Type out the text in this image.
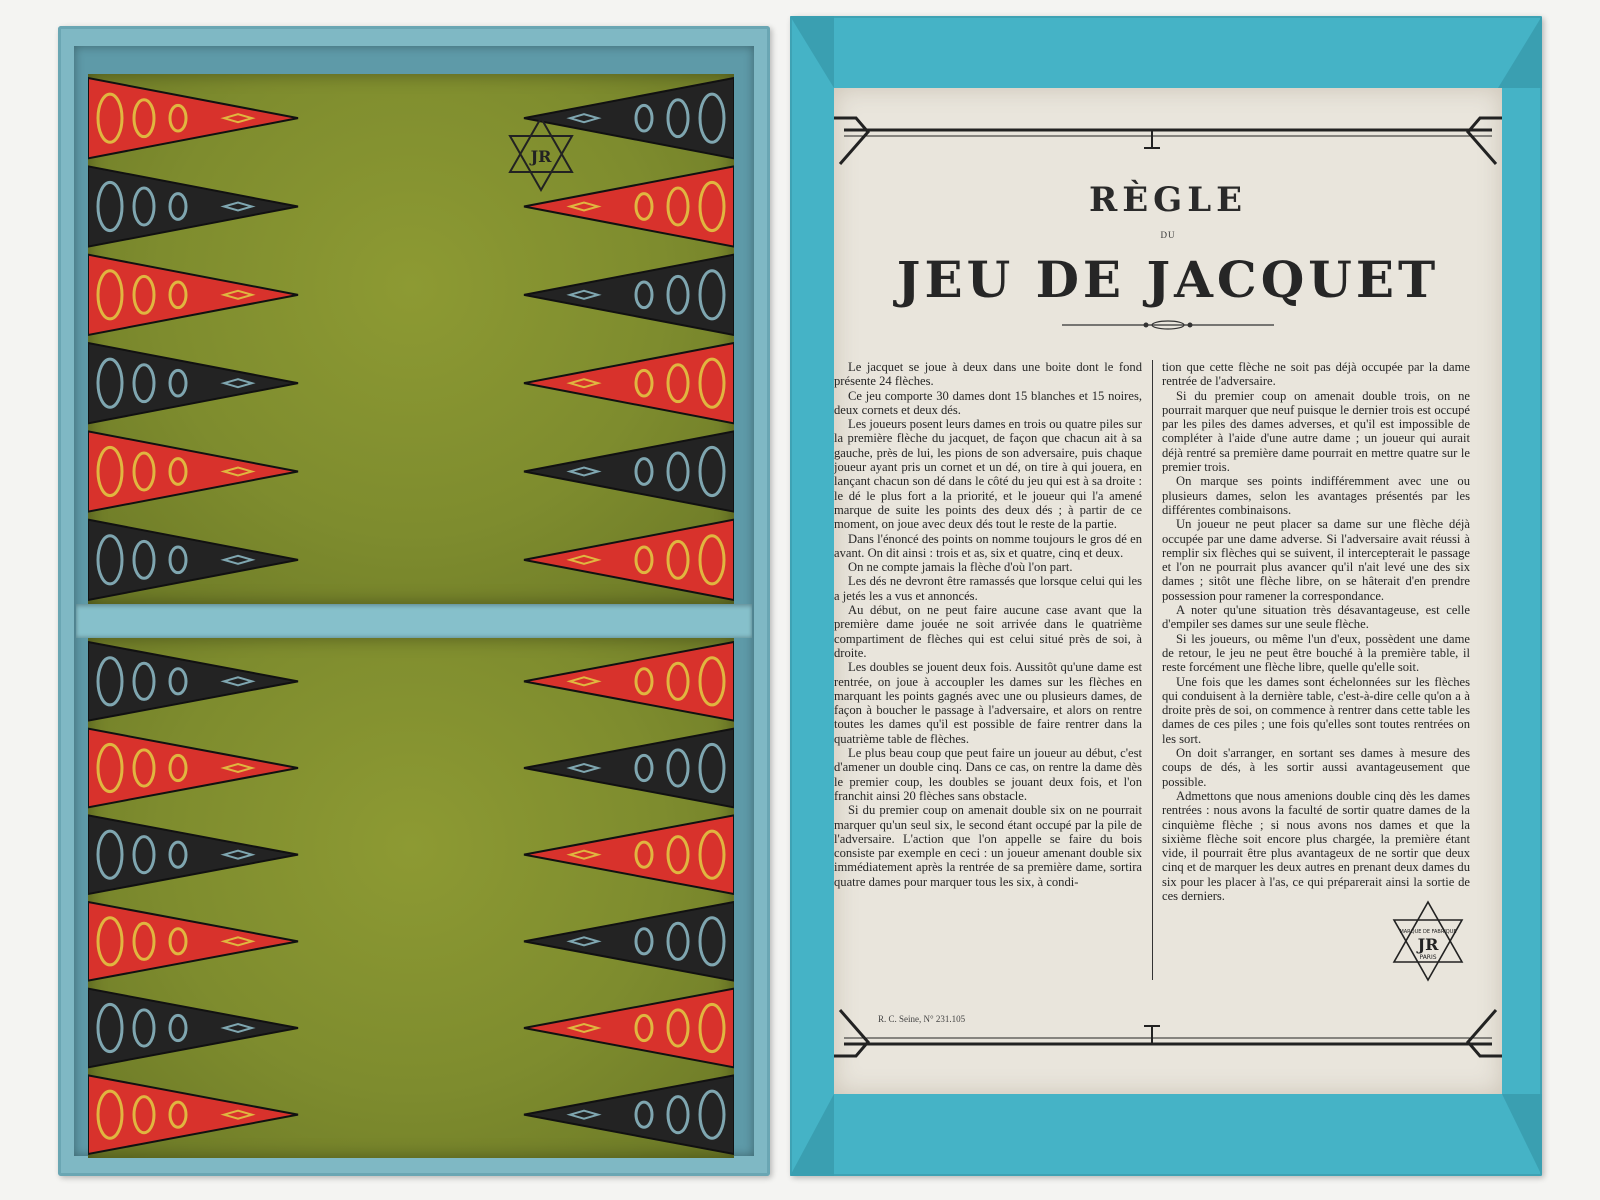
JR
RÈGLE
DU
JEU DE JACQUET

Le jacquet se joue à deux dans une boite dont le fond présente 24 flèches.

Ce jeu comporte 30 dames dont 15 blanches et 15 noires, deux cornets et deux dés.

Les joueurs posent leurs dames en trois ou quatre piles sur la première flèche du jacquet, de façon que chacun ait à sa gauche, près de lui, les pions de son adversaire, puis chaque joueur ayant pris un cornet et un dé, on tire à qui jouera, en lançant chacun son dé dans le côté du jeu qui est à sa droite : le dé le plus fort a la priorité, et le joueur qui l'a amené marque de suite les points des deux dés ; à partir de ce moment, on joue avec deux dés tout le reste de la partie.

Dans l'énoncé des points on nomme toujours le gros dé en avant. On dit ainsi : trois et as, six et quatre, cinq et deux.

On ne compte jamais la flèche d'où l'on part.

Les dés ne devront être ramassés que lorsque celui qui les a jetés les a vus et annoncés.

Au début, on ne peut faire aucune case avant que la première dame jouée ne soit arrivée dans le quatrième compartiment de flèches qui est celui situé près de soi, à droite.

Les doubles se jouent deux fois. Aussitôt qu'une dame est rentrée, on joue à accoupler les dames sur les flèches en marquant les points gagnés avec une ou plusieurs dames, de façon à boucher le passage à l'adversaire, et alors on rentre toutes les dames qu'il est possible de faire rentrer dans la quatrième table de flèches.

Le plus beau coup que peut faire un joueur au début, c'est d'amener un double cinq. Dans ce cas, on rentre la dame dès le premier coup, les doubles se jouant deux fois, et l'on franchit ainsi 20 flèches sans obstacle.

Si du premier coup on amenait double six on ne pourrait marquer qu'un seul six, le second étant occupé par la pile de l'adversaire. L'action que l'on appelle se faire du bois consiste par exemple en ceci : un joueur amenant double six immédiatement après la rentrée de sa première dame, sortira quatre dames pour marquer tous les six, à condi-

tion que cette flèche ne soit pas déjà occupée par la dame rentrée de l'adversaire.

Si du premier coup on amenait double trois, on ne pourrait marquer que neuf puisque le dernier trois est occupé par les piles des dames adverses, et qu'il est impossible de compléter à l'aide d'une autre dame ; un joueur qui aurait déjà rentré sa première dame pourrait en mettre quatre sur le premier trois.

On marque ses points indifféremment avec une ou plusieurs dames, selon les avantages présentés par les différentes combinaisons.

Un joueur ne peut placer sa dame sur une flèche déjà occupée par une dame adverse. Si l'adversaire avait réussi à remplir six flèches qui se suivent, il intercepterait le passage et l'on ne pourrait plus avancer qu'il n'ait levé une des six dames ; sitôt une flèche libre, on se hâterait d'en prendre possession pour ramener la correspondance.

A noter qu'une situation très désavantageuse, est celle d'empiler ses dames sur une seule flèche.

Si les joueurs, ou même l'un d'eux, possèdent une dame de retour, le jeu ne peut être bouché à la première table, il reste forcément une flèche libre, quelle qu'elle soit.

Une fois que les dames sont échelonnées sur les flèches qui conduisent à la dernière table, c'est-à-dire celle qu'on a à droite près de soi, on commence à rentrer dans cette table les dames de ces piles ; une fois qu'elles sont toutes rentrées on les sort.

On doit s'arranger, en sortant ses dames à mesure des coups de dés, à les sortir aussi avantageusement que possible.

Admettons que nous amenions double cinq dès les dames rentrées : nous avons la faculté de sortir quatre dames de la cinquième flèche ; si nous avons nos dames et que la sixième flèche soit encore plus chargée, la première étant vide, il pourrait être plus avantageux de ne sortir que deux cinq et de marquer les deux autres en prenant deux dames du six pour les placer à l'as, ce qui préparerait ainsi la sortie de ces derniers.

R. C. Seine, N° 231.105
MARQUE DE FABRIQUE
JR
PARIS
